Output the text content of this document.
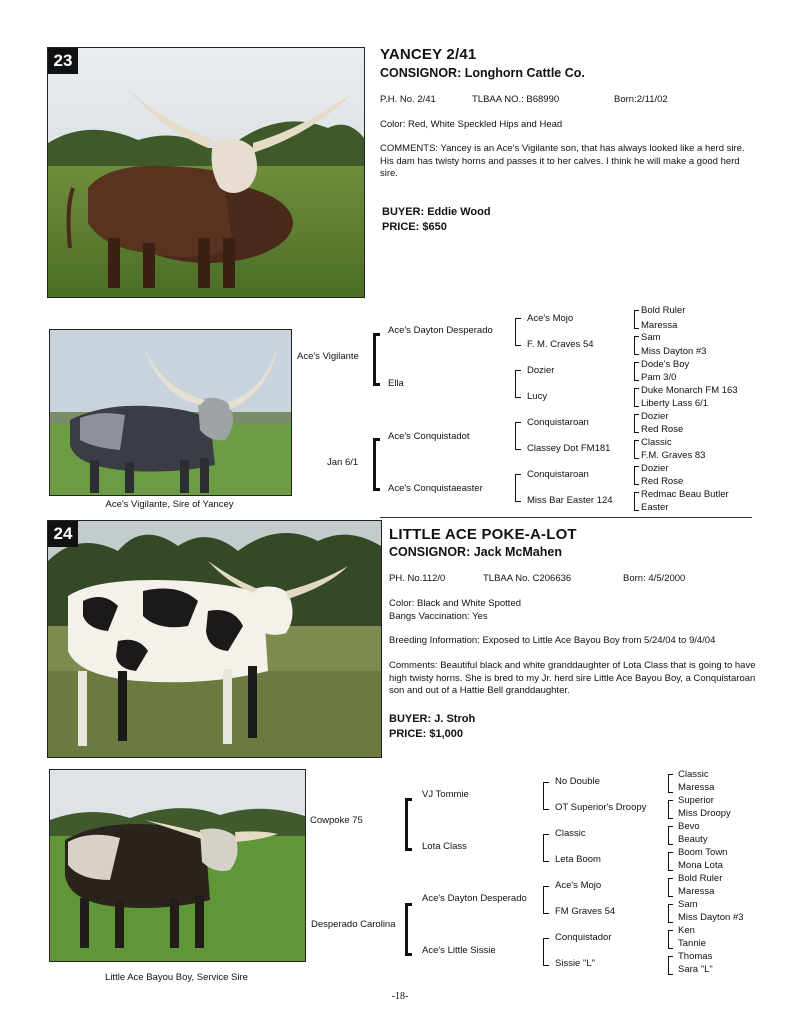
23	YANCEY 2/41
CONSIGNOR: Longhorn Cattle Co.
P.H. No. 2/41	TLBAA NO.: B68990	Born:2/11/02
Color: Red, White Speckled Hips and Head
COMMENTS: Yancey is an Ace's Vigilante son, that has always looked like a herd sire. His dam has twisty horns and passes it to her calves. I think he will make a good herd sire.
BUYER: Eddie Wood
PRICE: $650
Ace's Vigilante, Sire of Yancey
Ace's Vigilante
Jan 6/1
Ace's Dayton Desperado
Ella
Ace's Conquistadot
Ace's Conquistaeaster
Ace's Mojo
F. M. Craves 54
Dozier
Lucy
Conquistaroan
Classey Dot FM181
Conquistaroan
Miss Bar Easter 124
Bold Ruler
Maressa
Sam
Miss Dayton #3
Dode's Boy
Pam 3/0
Duke Monarch FM 163
Liberty Lass 6/1
Dozier
Red Rose
Classic
F.M. Graves 83
Dozier
Red Rose
Redmac Beau Butler
Easter
24	LITTLE ACE POKE-A-LOT
CONSIGNOR: Jack McMahen
PH. No.112/0	TLBAA No. C206636	Born: 4/5/2000
Color: Black and White Spotted
Bangs Vaccination: Yes
Breeding Information: Exposed to Little Ace Bayou Boy from 5/24/04 to 9/4/04
Comments: Beautiful black and white granddaughter of Lota Class that is going to have high twisty horns. She is bred to my Jr. herd sire Little Ace Bayou Boy, a Conquistaroan son and out of a Hattie Bell granddaughter.
BUYER: J. Stroh
PRICE: $1,000
Little Ace Bayou Boy, Service Sire
Cowpoke 75
Desperado Carolina
VJ Tommie
Lota Class
Ace's Dayton Desperado
Ace's Little Sissie
No Double
OT Superior's Droopy
Classic
Leta Boom
Ace's Mojo
FM Graves 54
Conquistador
Sissie "L"
Classic
Maressa
Superior
Miss Droopy
Bevo
Beauty
Boom Town
Mona Lota
Bold Ruler
Maressa
Sam
Miss Dayton #3
Ken
Tannie
Thomas
Sara "L"
-18-
